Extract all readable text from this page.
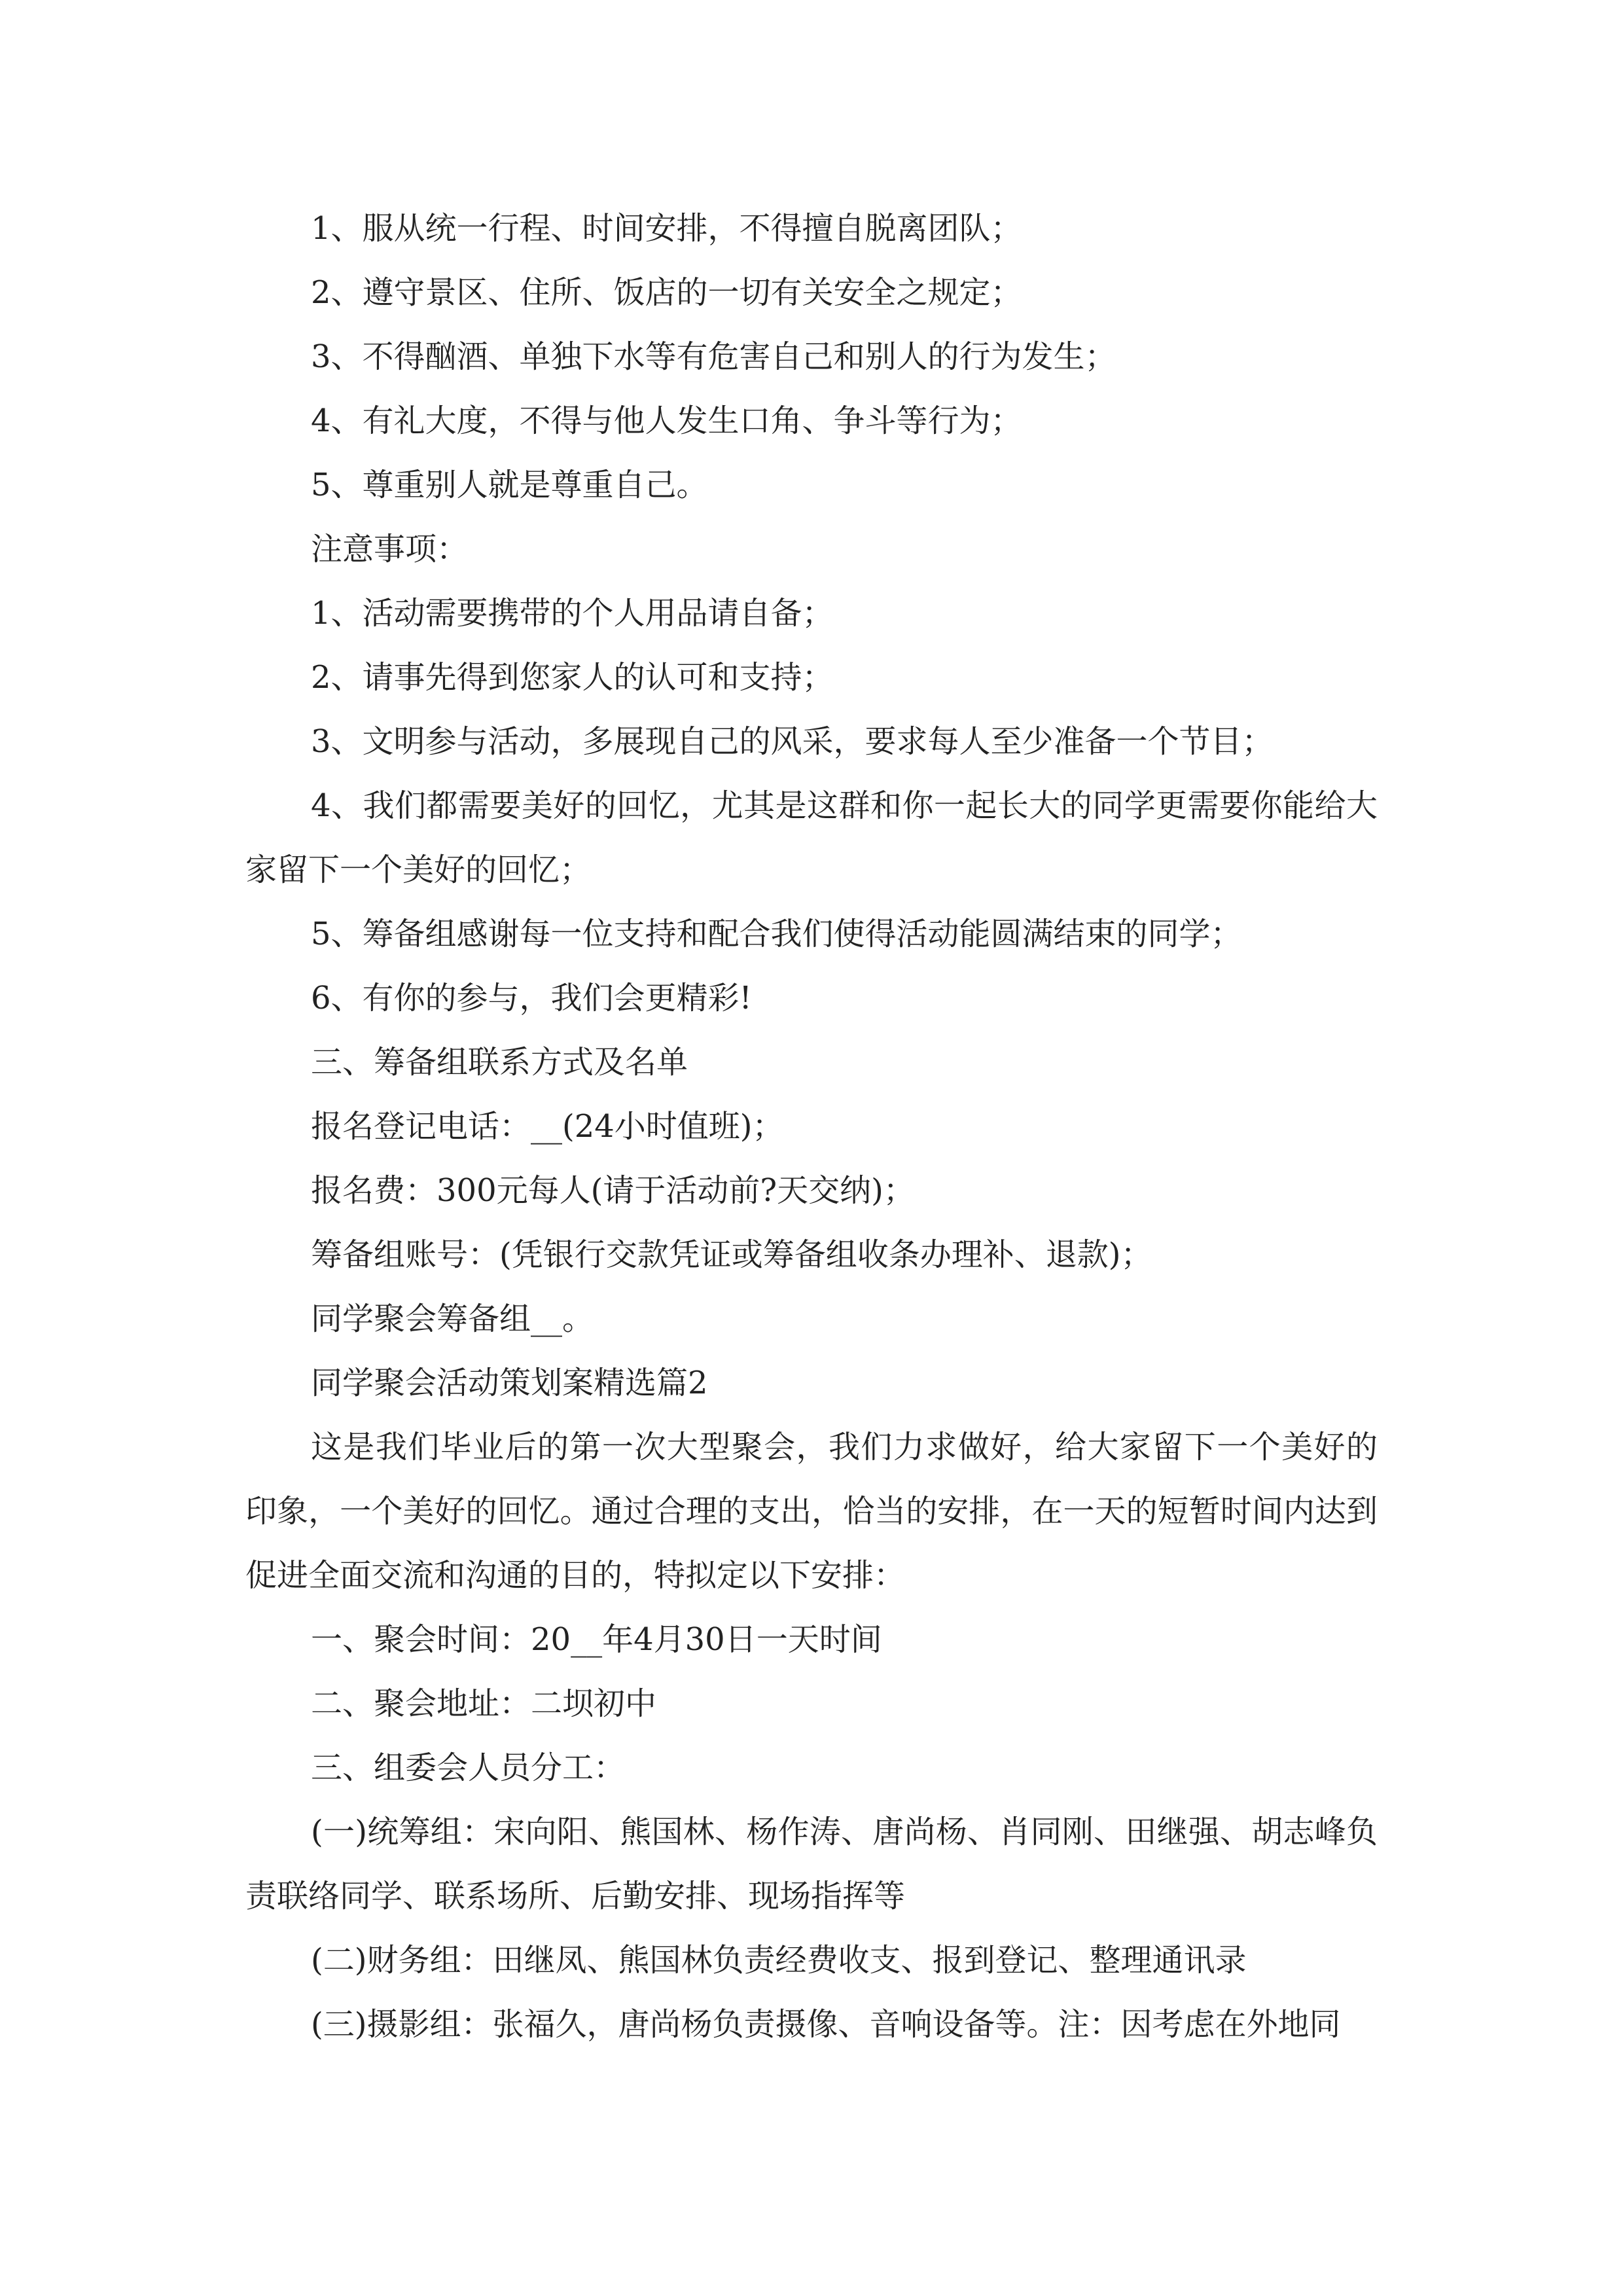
1、服从统一行程、时间安排，不得擅自脱离团队；

2、遵守景区、住所、饭店的一切有关安全之规定；

3、不得酗酒、单独下水等有危害自己和别人的行为发生；

4、有礼大度，不得与他人发生口角、争斗等行为；

5、尊重别人就是尊重自己。

注意事项：

1、活动需要携带的个人用品请自备；

2、请事先得到您家人的认可和支持；

3、文明参与活动，多展现自己的风采，要求每人至少准备一个节目；

4、我们都需要美好的回忆，尤其是这群和你一起长大的同学更需要你能给大家留下一个美好的回忆；

5、筹备组感谢每一位支持和配合我们使得活动能圆满结束的同学；

6、有你的参与，我们会更精彩!

三、筹备组联系方式及名单

报名登记电话：__(24小时值班)；

报名费：300元每人(请于活动前?天交纳)；

筹备组账号：(凭银行交款凭证或筹备组收条办理补、退款)；

同学聚会筹备组__。

同学聚会活动策划案精选篇2

这是我们毕业后的第一次大型聚会，我们力求做好，给大家留下一个美好的印象，一个美好的回忆。通过合理的支出，恰当的安排，在一天的短暂时间内达到促进全面交流和沟通的目的，特拟定以下安排：

一、聚会时间：20__年4月30日一天时间

二、聚会地址：二坝初中

三、组委会人员分工：

(一)统筹组：宋向阳、熊国林、杨作涛、唐尚杨、肖同刚、田继强、胡志峰负责联络同学、联系场所、后勤安排、现场指挥等

(二)财务组：田继凤、熊国林负责经费收支、报到登记、整理通讯录

(三)摄影组：张福久，唐尚杨负责摄像、音响设备等。注：因考虑在外地同
